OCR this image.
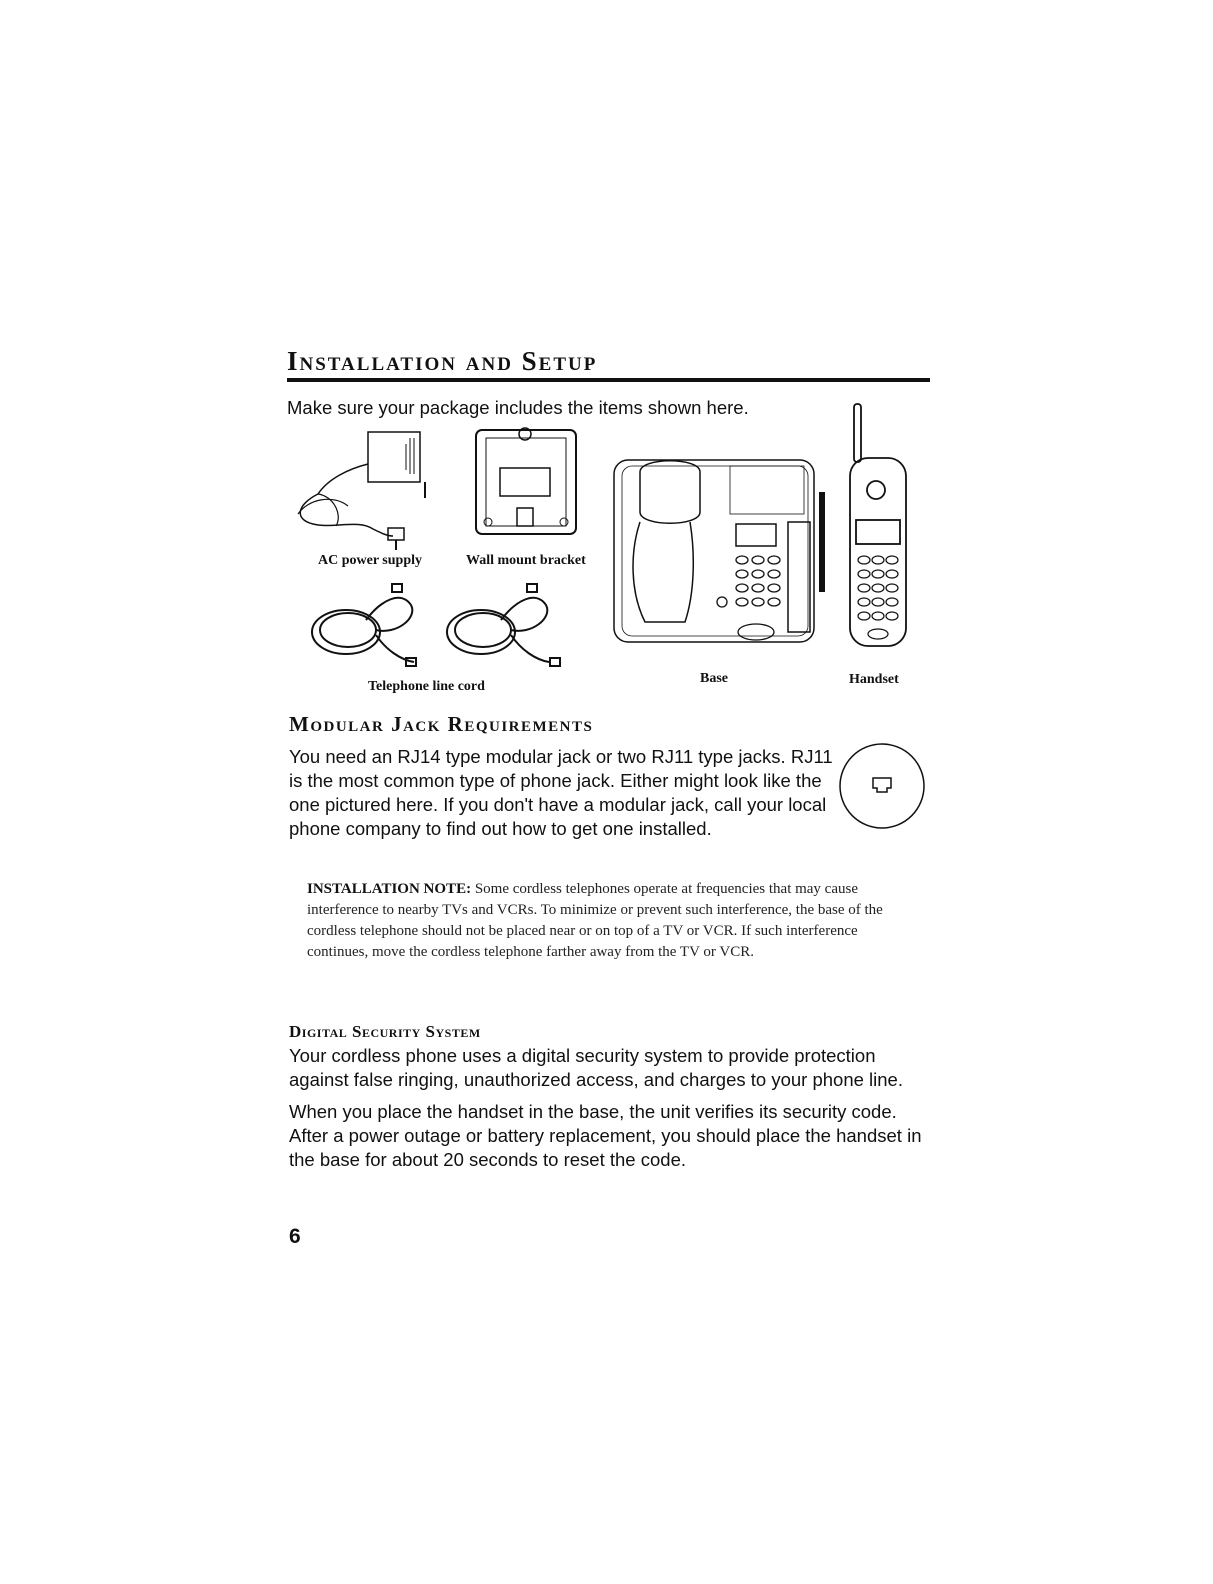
Installation and Setup
Make sure your package includes the items shown here.
AC power supply	Wall mount bracket
Telephone line cord
Base	Handset
Modular Jack Requirements

You need an RJ14 type modular jack or two RJ11 type jacks. RJ11 is the most common type of phone jack. Either might look like the one pictured here. If you don't have a modular jack, call your local phone company to find out how to get one installed.

INSTALLATION NOTE: Some cordless telephones operate at frequencies that may cause interference to nearby TVs and VCRs. To minimize or prevent such interference, the base of the cordless telephone should not be placed near or on top of a TV or VCR. If such interference continues, move the cordless telephone farther away from the TV or VCR.

Digital Security System

Your cordless phone uses a digital security system to provide protection against false ringing, unauthorized access, and charges to your phone line.

When you place the handset in the base, the unit verifies its security code. After a power outage or battery replacement, you should place the handset in the base for about 20 seconds to reset the code.

6
